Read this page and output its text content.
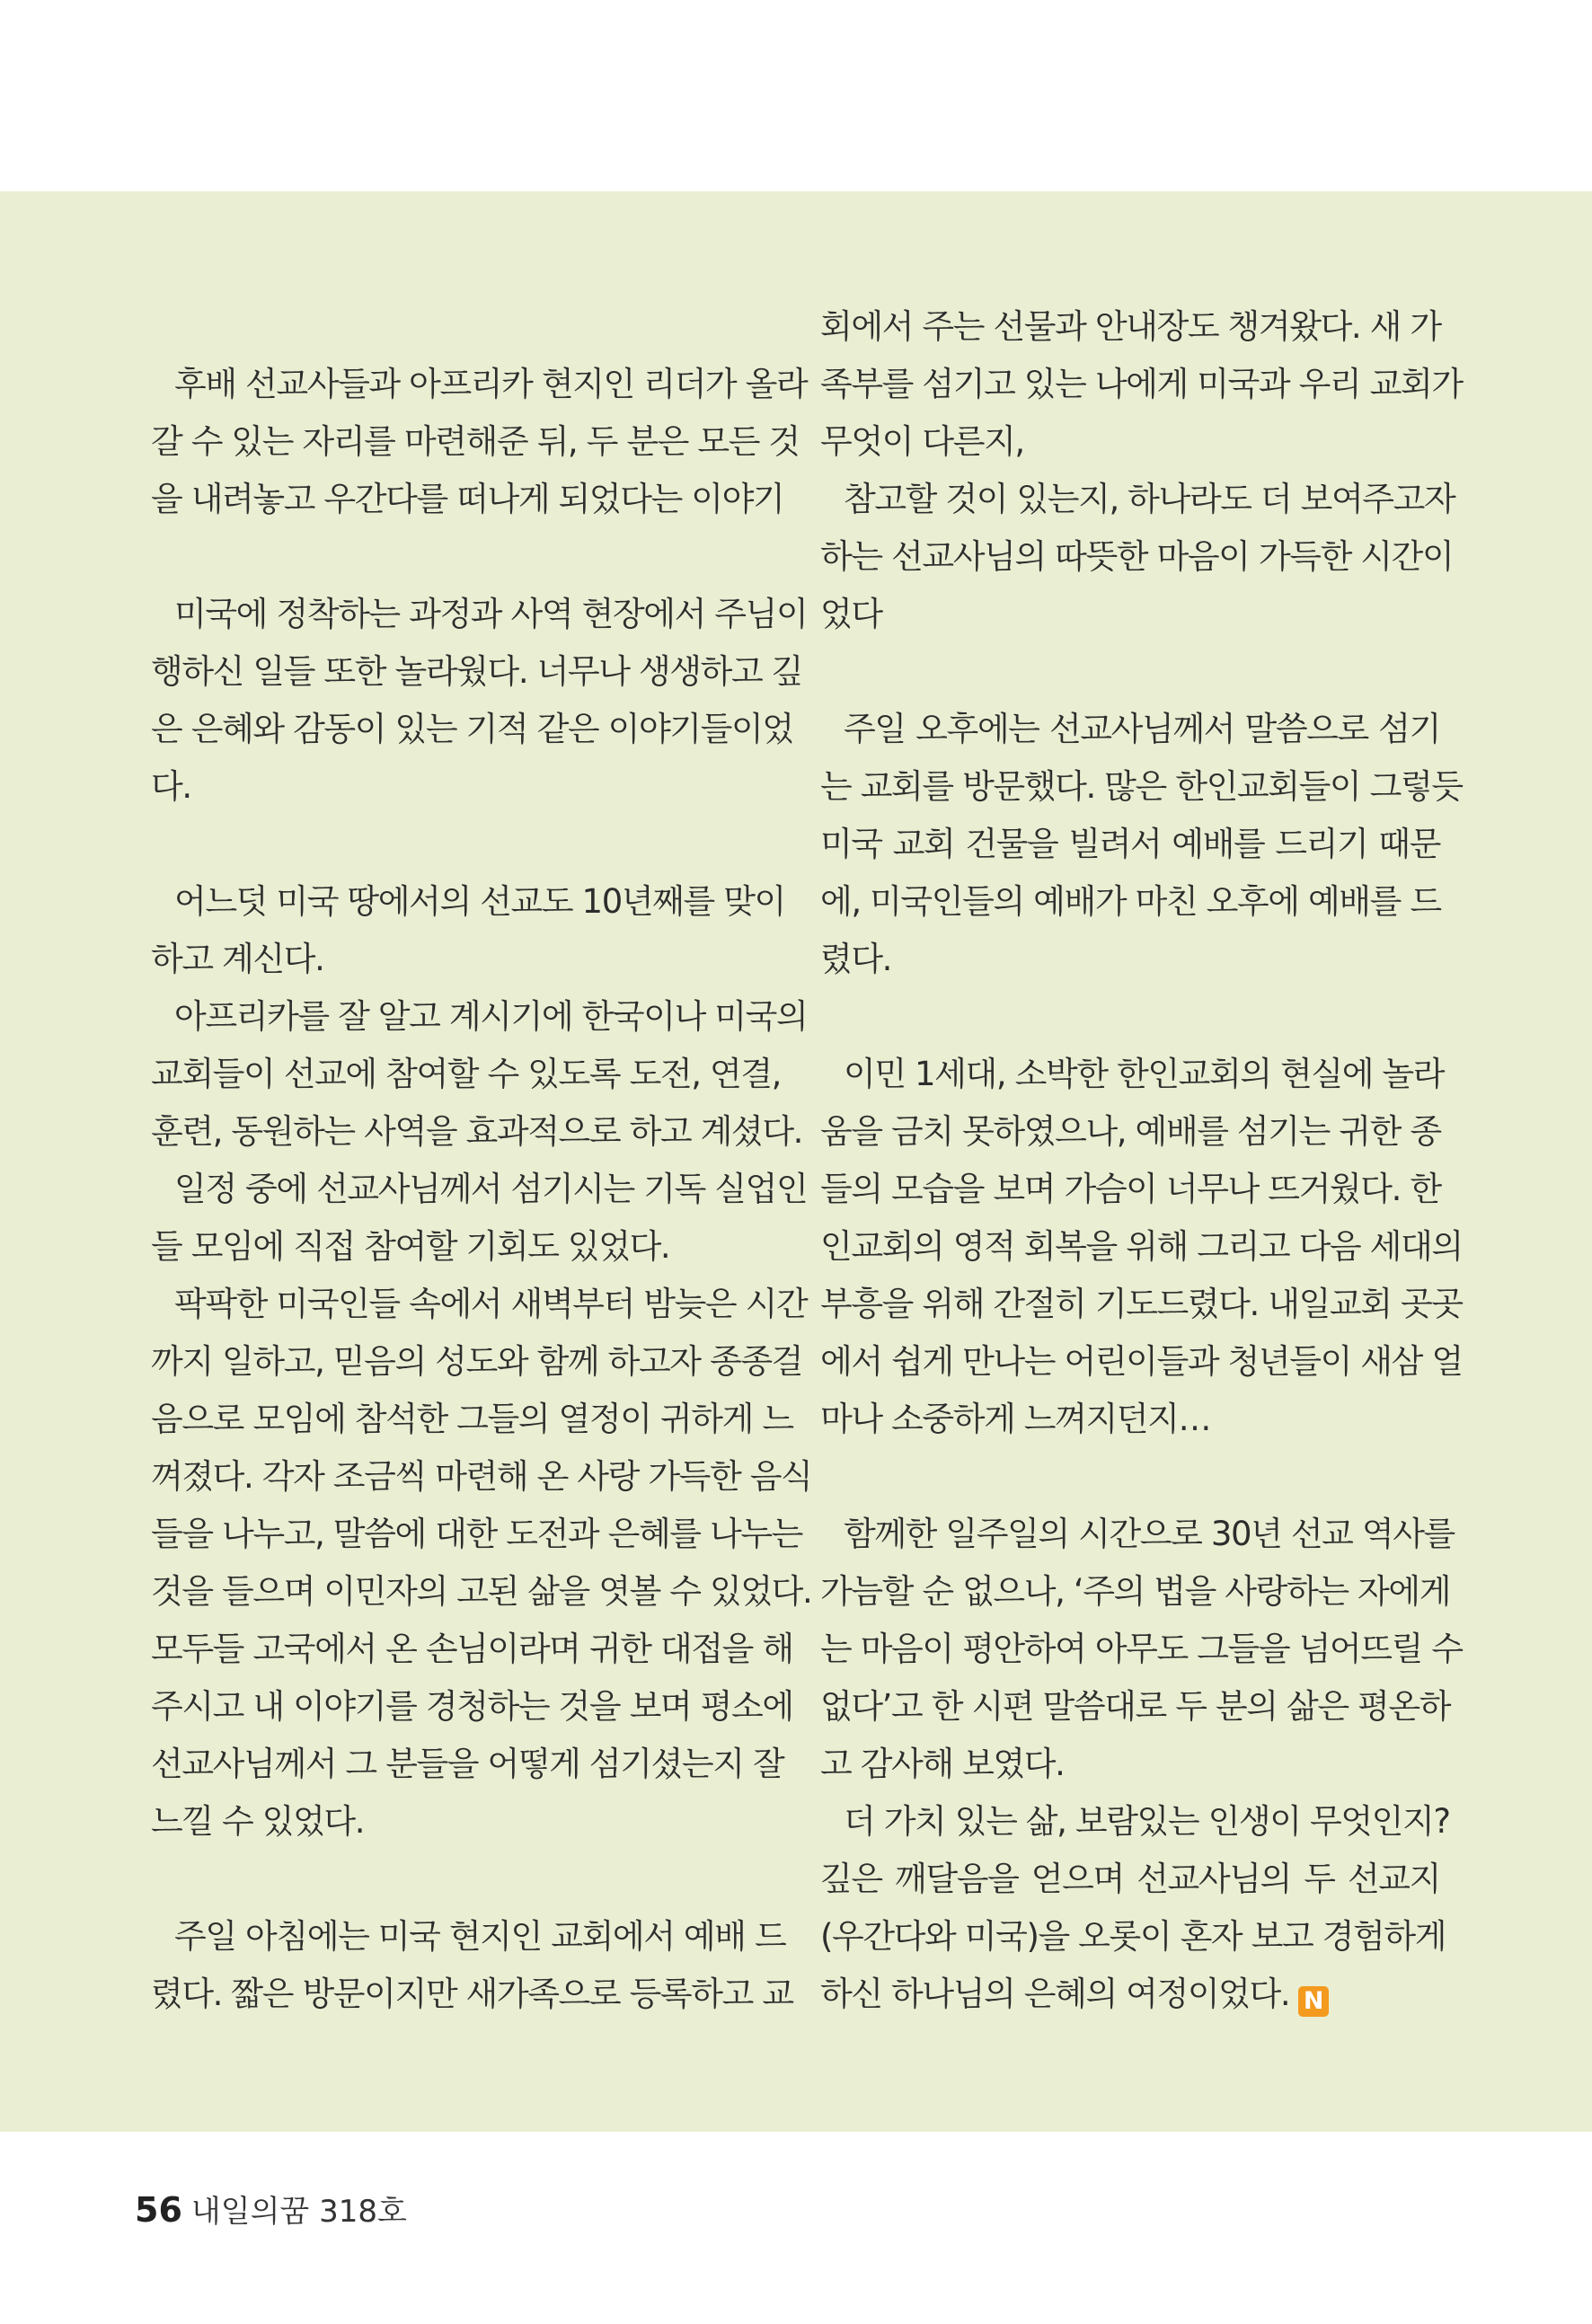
후배 선교사들과 아프리카 현지인 리더가 올라
갈 수 있는 자리를 마련해준 뒤, 두 분은 모든 것
을 내려놓고 우간다를 떠나게 되었다는 이야기
미국에 정착하는 과정과 사역 현장에서 주님이
행하신 일들 또한 놀라웠다. 너무나 생생하고 깊
은 은혜와 감동이 있는 기적 같은 이야기들이었
다.
어느덧 미국 땅에서의 선교도 10년째를 맞이
하고 계신다.
아프리카를 잘 알고 계시기에 한국이나 미국의
교회들이 선교에 참여할 수 있도록 도전, 연결,
훈련, 동원하는 사역을 효과적으로 하고 계셨다.
일정 중에 선교사님께서 섬기시는 기독 실업인
들 모임에 직접 참여할 기회도 있었다.
팍팍한 미국인들 속에서 새벽부터 밤늦은 시간
까지 일하고, 믿음의 성도와 함께 하고자 종종걸
음으로 모임에 참석한 그들의 열정이 귀하게 느
껴졌다. 각자 조금씩 마련해 온 사랑 가득한 음식
들을 나누고, 말씀에 대한 도전과 은혜를 나누는
것을 들으며 이민자의 고된 삶을 엿볼 수 있었다.
모두들 고국에서 온 손님이라며 귀한 대접을 해
주시고 내 이야기를 경청하는 것을 보며 평소에
선교사님께서 그 분들을 어떻게 섬기셨는지 잘
느낄 수 있었다.
주일 아침에는 미국 현지인 교회에서 예배 드
렸다. 짧은 방문이지만 새가족으로 등록하고 교
회에서 주는 선물과 안내장도 챙겨왔다. 새 가
족부를 섬기고 있는 나에게 미국과 우리 교회가
무엇이 다른지,
참고할 것이 있는지, 하나라도 더 보여주고자
하는 선교사님의 따뜻한 마음이 가득한 시간이
었다
주일 오후에는 선교사님께서 말씀으로 섬기
는 교회를 방문했다. 많은 한인교회들이 그렇듯
미국 교회 건물을 빌려서 예배를 드리기 때문
에, 미국인들의 예배가 마친 오후에 예배를 드
렸다.
이민 1세대, 소박한 한인교회의 현실에 놀라
움을 금치 못하였으나, 예배를 섬기는 귀한 종
들의 모습을 보며 가슴이 너무나 뜨거웠다. 한
인교회의 영적 회복을 위해 그리고 다음 세대의
부흥을 위해 간절히 기도드렸다. 내일교회 곳곳
에서 쉽게 만나는 어린이들과 청년들이 새삼 얼
마나 소중하게 느껴지던지…
함께한 일주일의 시간으로 30년 선교 역사를
가늠할 순 없으나, ‘주의 법을 사랑하는 자에게
는 마음이 평안하여 아무도 그들을 넘어뜨릴 수
없다’고 한 시편 말씀대로 두 분의 삶은 평온하
고 감사해 보였다.
더 가치 있는 삶, 보람있는 인생이 무엇인지?
깊은 깨달음을 얻으며 선교사님의 두 선교지
(우간다와 미국)을 오롯이 혼자 보고 경험하게
하신 하나님의 은혜의 여정이었다. N
56 내일의꿈 318호
